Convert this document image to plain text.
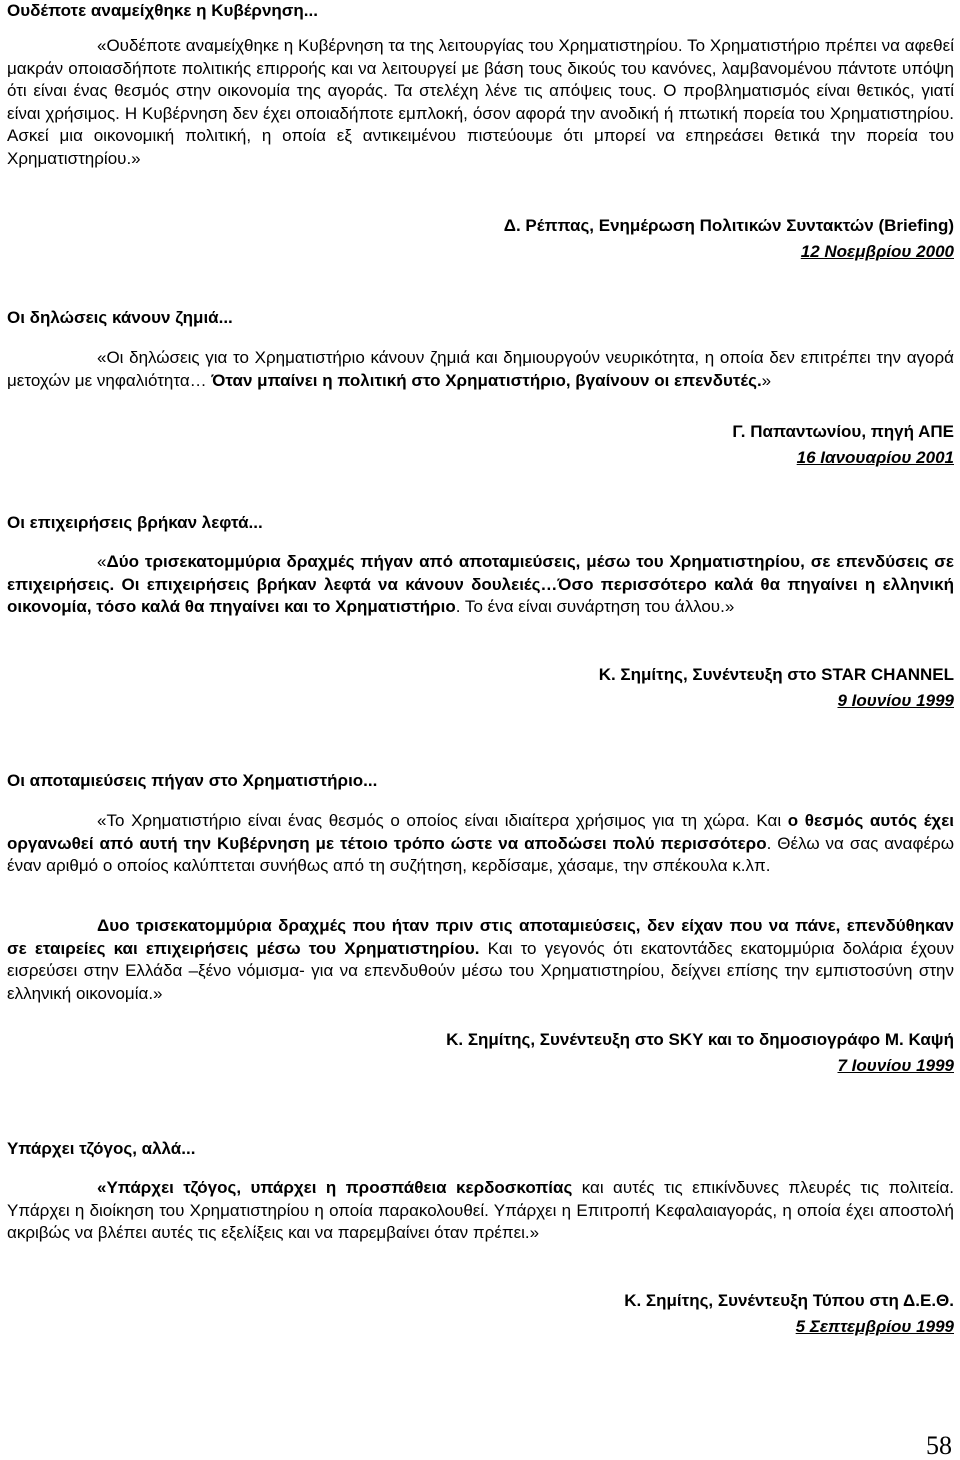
Ουδέποτε αναμείχθηκε η Κυβέρνηση...

«Ουδέποτε αναμείχθηκε η Κυβέρνηση τα της λειτουργίας του Χρηματιστηρίου. Το Χρηματιστήριο πρέπει να αφεθεί μακράν οποιασδήποτε πολιτικής επιρροής και να λειτουργεί με βάση τους δικούς του κανόνες, λαμβανομένου πάντοτε υπόψη ότι είναι ένας θεσμός στην οικονομία της αγοράς. Τα στελέχη λένε τις απόψεις τους. Ο προβληματισμός είναι θετικός, γιατί είναι χρήσιμος. Η Κυβέρνηση δεν έχει οποιαδήποτε εμπλοκή, όσον αφορά την ανοδική ή πτωτική πορεία του Χρηματιστηρίου. Ασκεί μια οικονομική πολιτική, η οποία εξ αντικειμένου πιστεύουμε ότι μπορεί να επηρεάσει θετικά την πορεία του Χρηματιστηρίου.»

Δ. Ρέππας, Ενημέρωση Πολιτικών Συντακτών (Briefing)
12 Νοεμβρίου 2000
Οι δηλώσεις κάνουν ζημιά...

«Οι δηλώσεις για το Χρηματιστήριο κάνουν ζημιά και δημιουργούν νευρικότητα, η οποία δεν επιτρέπει την αγορά μετοχών με νηφαλιότητα… Όταν μπαίνει η πολιτική στο Χρηματιστήριο, βγαίνουν οι επενδυτές.»

Γ. Παπαντωνίου, πηγή ΑΠΕ
16 Ιανουαρίου 2001
Οι επιχειρήσεις βρήκαν λεφτά...

«Δύο τρισεκατομμύρια δραχμές πήγαν από αποταμιεύσεις, μέσω του Χρηματιστηρίου, σε επενδύσεις σε επιχειρήσεις. Οι επιχειρήσεις βρήκαν λεφτά να κάνουν δουλειές…Όσο περισσότερο καλά θα πηγαίνει η ελληνική οικονομία, τόσο καλά θα πηγαίνει και το Χρηματιστήριο. Το ένα είναι συνάρτηση του άλλου.»

Κ. Σημίτης, Συνέντευξη στο STAR CHANNEL
9 Ιουνίου 1999
Οι αποταμιεύσεις πήγαν στο Χρηματιστήριο...

«Το Χρηματιστήριο είναι ένας θεσμός ο οποίος είναι ιδιαίτερα χρήσιμος για τη χώρα. Και ο θεσμός αυτός έχει οργανωθεί από αυτή την Κυβέρνηση με τέτοιο τρόπο ώστε να αποδώσει πολύ περισσότερο. Θέλω να σας αναφέρω έναν αριθμό ο οποίος καλύπτεται συνήθως από τη συζήτηση, κερδίσαμε, χάσαμε, την σπέκουλα κ.λπ.

Δυο τρισεκατομμύρια δραχμές που ήταν πριν στις αποταμιεύσεις, δεν είχαν που να πάνε, επενδύθηκαν σε εταιρείες και επιχειρήσεις μέσω του Χρηματιστηρίου. Και το γεγονός ότι εκατοντάδες εκατομμύρια δολάρια έχουν εισρεύσει στην Ελλάδα –ξένο νόμισμα- για να επενδυθούν μέσω του Χρηματιστηρίου, δείχνει επίσης την εμπιστοσύνη στην ελληνική οικονομία.»

Κ. Σημίτης, Συνέντευξη στο SKY και το δημοσιογράφο Μ. Καψή
7 Ιουνίου 1999
Υπάρχει τζόγος, αλλά...

«Υπάρχει τζόγος, υπάρχει η προσπάθεια κερδοσκοπίας και αυτές τις επικίνδυνες πλευρές τις πολιτεία. Υπάρχει η διοίκηση του Χρηματιστηρίου η οποία παρακολουθεί. Υπάρχει η Επιτροπή Κεφαλαιαγοράς, η οποία έχει αποστολή ακριβώς να βλέπει αυτές τις εξελίξεις και να παρεμβαίνει όταν πρέπει.»

Κ. Σημίτης, Συνέντευξη Τύπου στη Δ.Ε.Θ.
5 Σεπτεμβρίου 1999
58
